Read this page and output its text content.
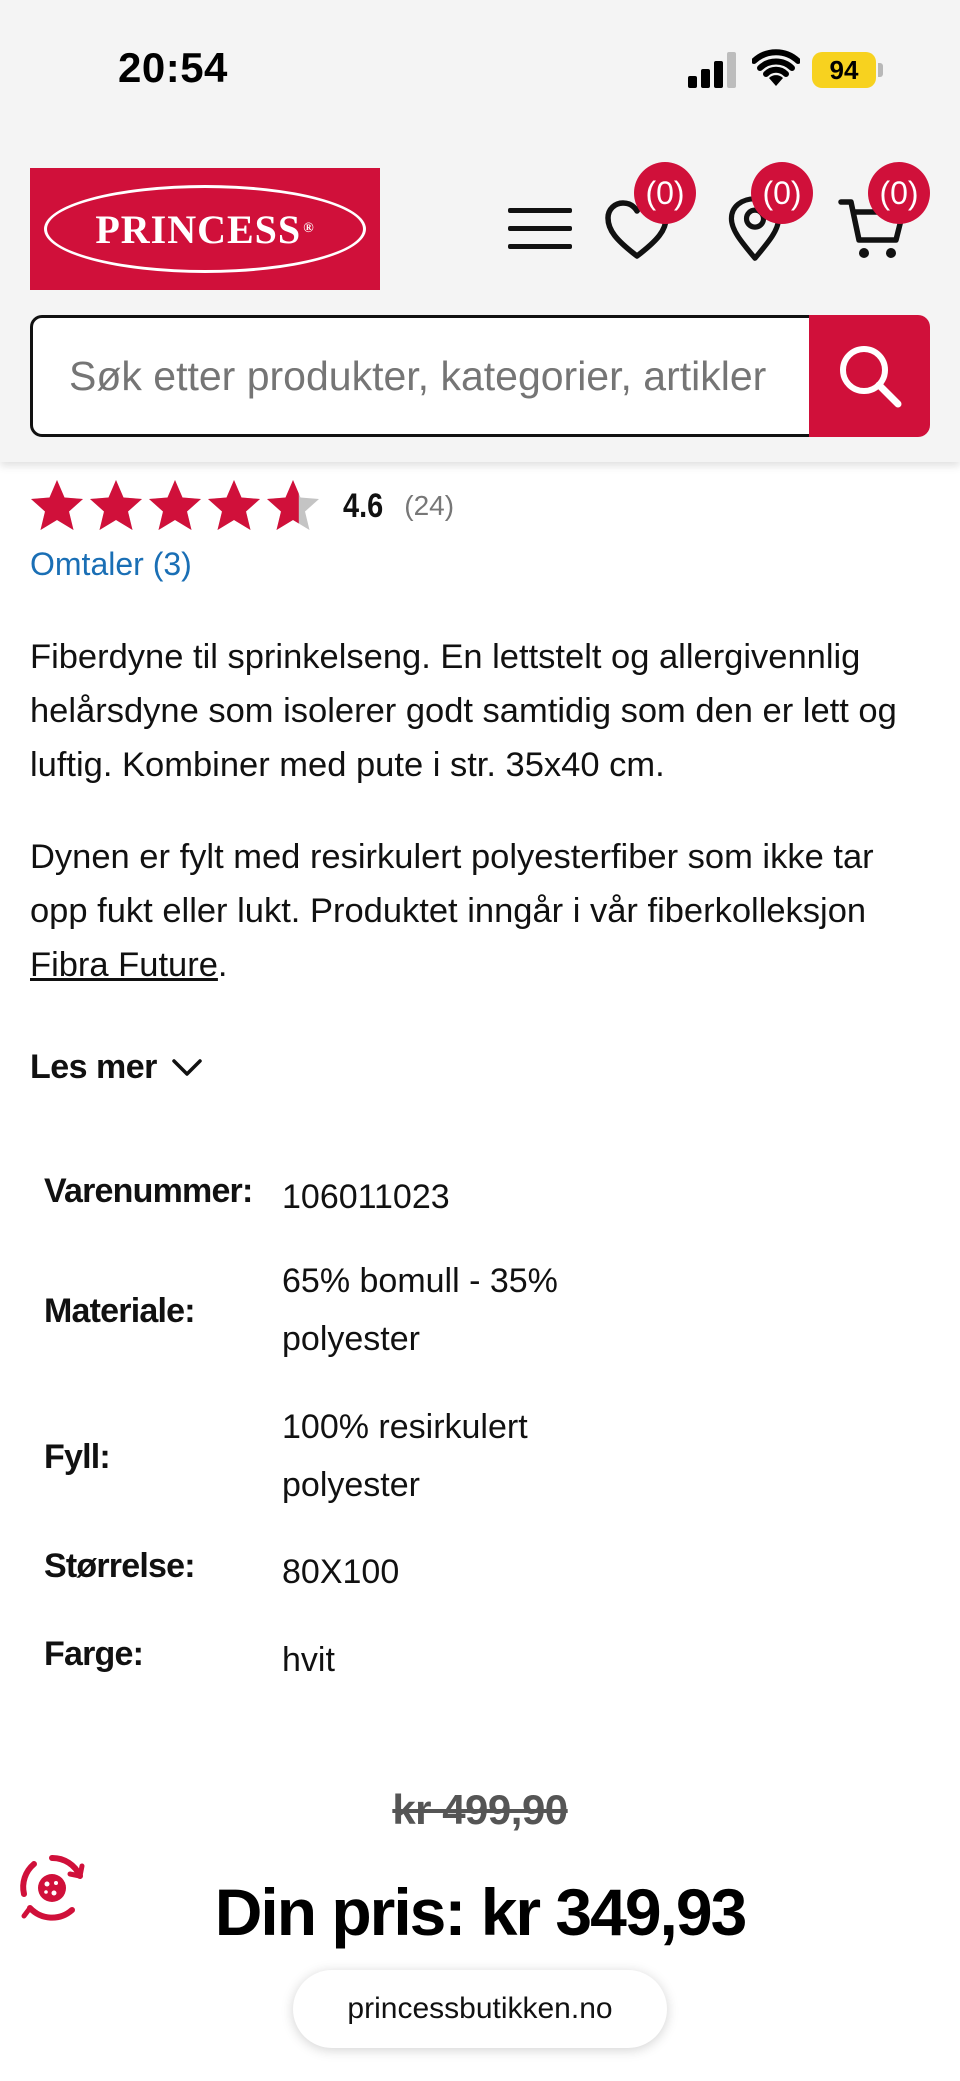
20:54	94
PRINCESS ®
(0)	(0)	(0)
Søk etter produkter, kategorier, artikler
4.6 (24)
Omtaler (3)

Fiberdyne til sprinkelseng. En lettstelt og allergivennlig helårsdyne som isolerer godt samtidig som den er lett og luftig. Kombiner med pute i str. 35x40 cm.

Dynen er fylt med resirkulert polyesterfiber som ikke tar opp fukt eller lukt. Produktet inngår i vår fiberkolleksjon Fibra Future.

Les mer
Varenummer: 106011023
Materiale:
65% bomull - 35% polyester
Fyll:
100% resirkulert polyester
Størrelse:	80X100
Farge:	hvit
kr 499,90
Din pris: kr 349,93
princessbutikken.no
